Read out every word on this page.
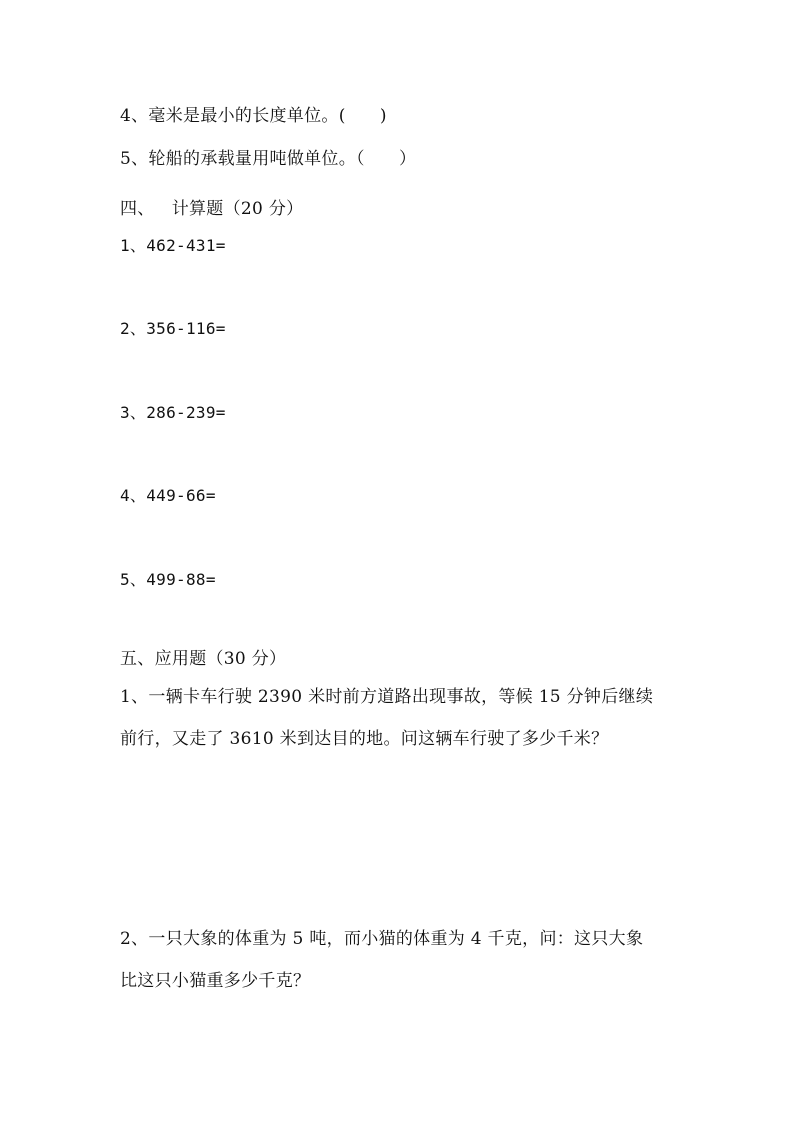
4、毫米是最小的长度单位。(      )
5、轮船的承载量用吨做单位。（      ）
四、   计算题（20 分）
1、462-431=
2、356-116=
3、286-239=
4、449-66=
5、499-88=
五、应用题（30 分）
1、一辆卡车行驶 2390 米时前方道路出现事故，等候 15 分钟后继续
前行，又走了 3610 米到达目的地。问这辆车行驶了多少千米？
2、一只大象的体重为 5 吨，而小猫的体重为 4 千克，问：这只大象
比这只小猫重多少千克？
